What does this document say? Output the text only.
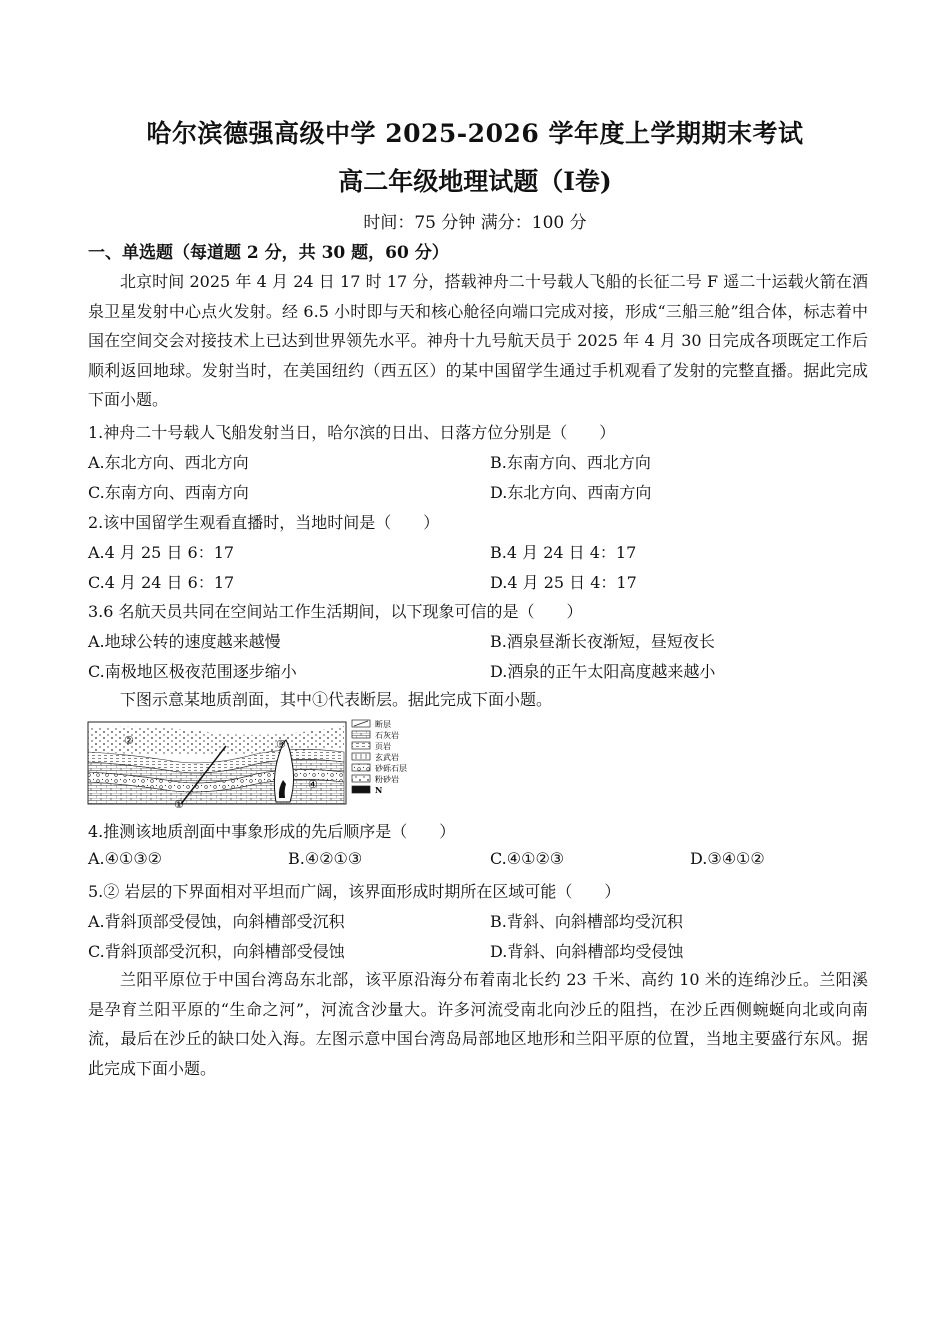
哈尔滨德强高级中学 2025-2026 学年度上学期期末考试
高二年级地理试题（Ⅰ卷)
时间：75 分钟 满分：100 分
一、单选题（每道题 2 分，共 30 题，60 分）
北京时间 2025 年 4 月 24 日 17 时 17 分，搭载神舟二十号载人飞船的长征二号 F 遥二十运载火箭在酒泉卫星发射中心点火发射。经 6.5 小时即与天和核心舱径向端口完成对接，形成“三船三舱”组合体，标志着中国在空间交会对接技术上已达到世界领先水平。神舟十九号航天员于 2025 年 4 月 30 日完成各项既定工作后顺利返回地球。发射当时，在美国纽约（西五区）的某中国留学生通过手机观看了发射的完整直播。据此完成下面小题。
1.神舟二十号载人飞船发射当日，哈尔滨的日出、日落方位分别是（　　）
A.东北方向、西北方向	B.东南方向、西北方向
C.东南方向、西南方向	D.东北方向、西南方向
2.该中国留学生观看直播时，当地时间是（　　）
A.4 月 25 日 6：17	B.4 月 24 日 4：17
C.4 月 24 日 6：17	D.4 月 25 日 4：17
3.6 名航天员共同在空间站工作生活期间，以下现象可信的是（　　）
A.地球公转的速度越来越慢	B.酒泉昼渐长夜渐短，昼短夜长
C.南极地区极夜范围逐步缩小	D.酒泉的正午太阳高度越来越小
下图示意某地质剖面，其中①代表断层。据此完成下面小题。
②
①
③
④
断层
石灰岩
页岩
玄武岩
砂砾石层
粉砂岩
N
4.推测该地质剖面中事象形成的先后顺序是（　　）
A.④①③②	B.④②①③	C.④①②③	D.③④①②
5.② 岩层的下界面相对平坦而广阔，该界面形成时期所在区域可能（　　）
A.背斜顶部受侵蚀，向斜槽部受沉积	B.背斜、向斜槽部均受沉积
C.背斜顶部受沉积，向斜槽部受侵蚀	D.背斜、向斜槽部均受侵蚀
兰阳平原位于中国台湾岛东北部，该平原沿海分布着南北长约 23 千米、高约 10 米的连绵沙丘。兰阳溪是孕育兰阳平原的“生命之河”，河流含沙量大。许多河流受南北向沙丘的阻挡，在沙丘西侧蜿蜒向北或向南流，最后在沙丘的缺口处入海。左图示意中国台湾岛局部地区地形和兰阳平原的位置，当地主要盛行东风。据此完成下面小题。
